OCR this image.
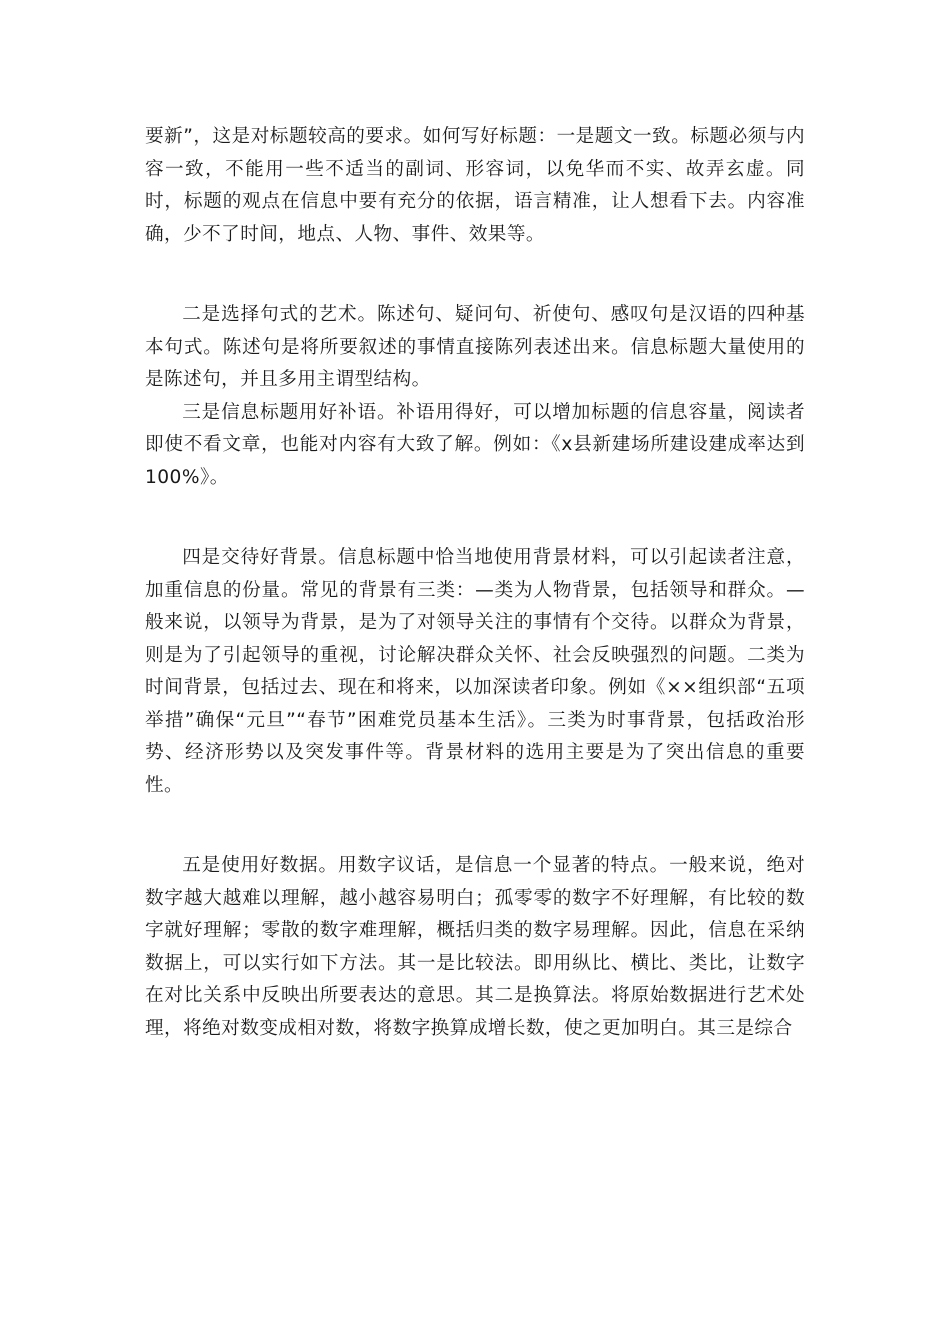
要新”，这是对标题较高的要求。如何写好标题：一是题文一致。标题必须与内容一致，不能用一些不适当的副词、形容词，以免华而不实、故弄玄虚。同时，标题的观点在信息中要有充分的依据，语言精准，让人想看下去。内容准确，少不了时间，地点、人物、事件、效果等。

二是选择句式的艺术。陈述句、疑问句、祈使句、感叹句是汉语的四种基本句式。陈述句是将所要叙述的事情直接陈列表述出来。信息标题大量使用的是陈述句，并且多用主谓型结构。

三是信息标题用好补语。补语用得好，可以增加标题的信息容量，阅读者即使不看文章，也能对内容有大致了解。例如：《x县新建场所建设建成率达到100%》。

四是交待好背景。信息标题中恰当地使用背景材料，可以引起读者注意，加重信息的份量。常见的背景有三类：—类为人物背景，包括领导和群众。—般来说，以领导为背景，是为了对领导关注的事情有个交待。以群众为背景，则是为了引起领导的重视，讨论解决群众关怀、社会反映强烈的问题。二类为时间背景，包括过去、现在和将来，以加深读者印象。例如《××组织部“五项举措”确保“元旦”“春节”困难党员基本生活》。三类为时事背景，包括政治形势、经济形势以及突发事件等。背景材料的选用主要是为了突出信息的重要性。

五是使用好数据。用数字议话，是信息一个显著的特点。一般来说，绝对数字越大越难以理解，越小越容易明白；孤零零的数字不好理解，有比较的数字就好理解；零散的数字难理解，概括归类的数字易理解。因此，信息在采纳数据上，可以实行如下方法。其一是比较法。即用纵比、横比、类比，让数字在对比关系中反映出所要表达的意思。其二是换算法。将原始数据进行艺术处理，将绝对数变成相对数，将数字换算成增长数，使之更加明白。其三是综合
